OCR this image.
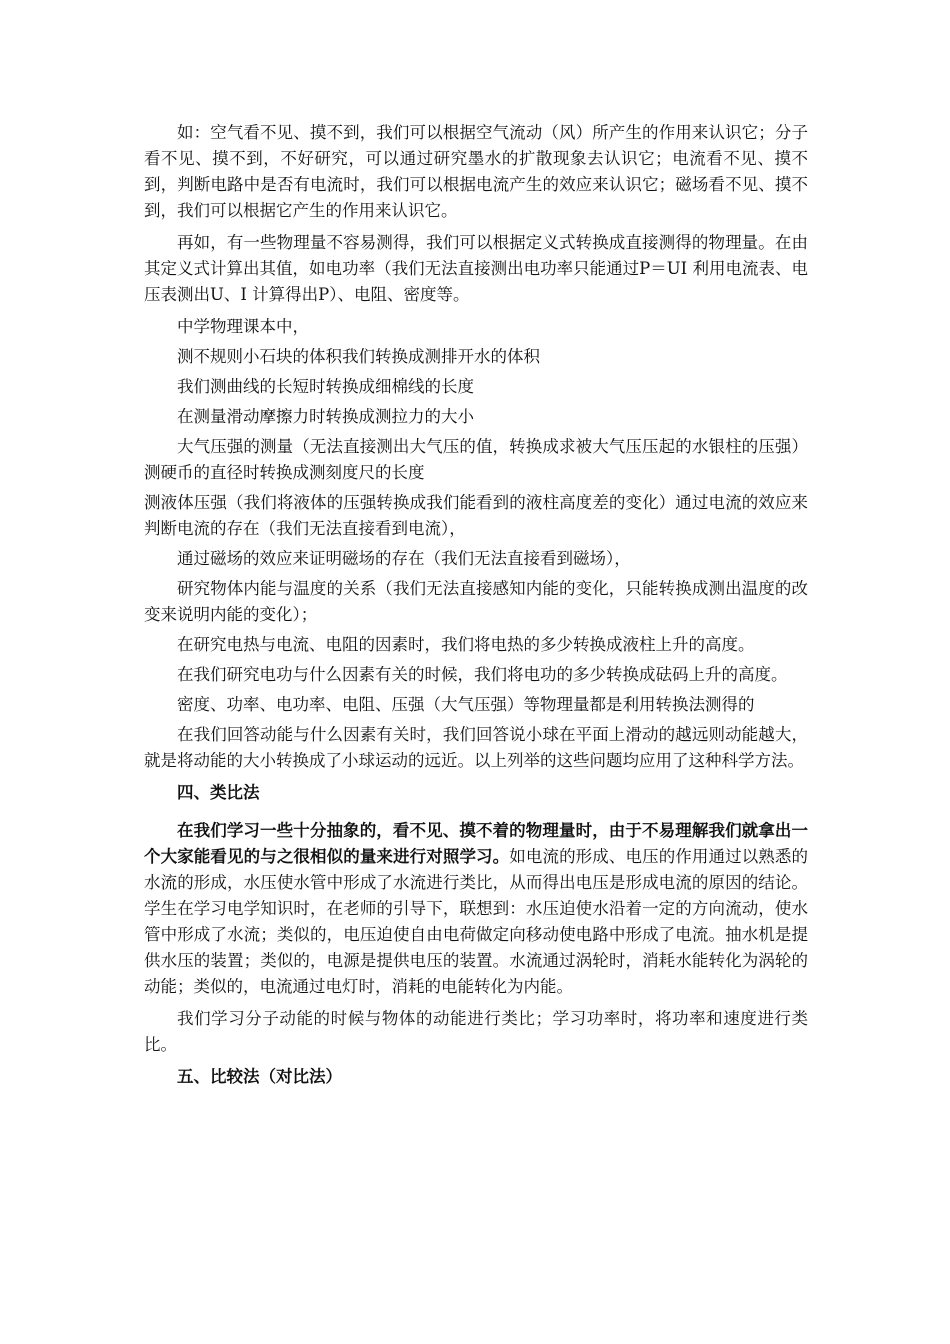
如：空气看不见、摸不到，我们可以根据空气流动（风）所产生的作用来认识它；分子看不见、摸不到，不好研究，可以通过研究墨水的扩散现象去认识它；电流看不见、摸不到，判断电路中是否有电流时，我们可以根据电流产生的效应来认识它；磁场看不见、摸不到，我们可以根据它产生的作用来认识它。

再如，有一些物理量不容易测得，我们可以根据定义式转换成直接测得的物理量。在由其定义式计算出其值，如电功率（我们无法直接测出电功率只能通过P＝UI 利用电流表、电压表测出U、I 计算得出P）、电阻、密度等。

中学物理课本中，

测不规则小石块的体积我们转换成测排开水的体积

我们测曲线的长短时转换成细棉线的长度

在测量滑动摩擦力时转换成测拉力的大小

大气压强的测量（无法直接测出大气压的值，转换成求被大气压压起的水银柱的压强）测硬币的直径时转换成测刻度尺的长度

测液体压强（我们将液体的压强转换成我们能看到的液柱高度差的变化）通过电流的效应来判断电流的存在（我们无法直接看到电流），

通过磁场的效应来证明磁场的存在（我们无法直接看到磁场），

研究物体内能与温度的关系（我们无法直接感知内能的变化，只能转换成测出温度的改变来说明内能的变化）；

在研究电热与电流、电阻的因素时，我们将电热的多少转换成液柱上升的高度。

在我们研究电功与什么因素有关的时候，我们将电功的多少转换成砝码上升的高度。

密度、功率、电功率、电阻、压强（大气压强）等物理量都是利用转换法测得的

在我们回答动能与什么因素有关时，我们回答说小球在平面上滑动的越远则动能越大，就是将动能的大小转换成了小球运动的远近。以上列举的这些问题均应用了这种科学方法。

四、类比法

在我们学习一些十分抽象的，看不见、摸不着的物理量时，由于不易理解我们就拿出一个大家能看见的与之很相似的量来进行对照学习。如电流的形成、电压的作用通过以熟悉的水流的形成，水压使水管中形成了水流进行类比，从而得出电压是形成电流的原因的结论。学生在学习电学知识时，在老师的引导下，联想到：水压迫使水沿着一定的方向流动，使水管中形成了水流；类似的，电压迫使自由电荷做定向移动使电路中形成了电流。抽水机是提供水压的装置；类似的，电源是提供电压的装置。水流通过涡轮时，消耗水能转化为涡轮的动能；类似的，电流通过电灯时，消耗的电能转化为内能。

我们学习分子动能的时候与物体的动能进行类比；学习功率时，将功率和速度进行类比。

五、比较法（对比法）
